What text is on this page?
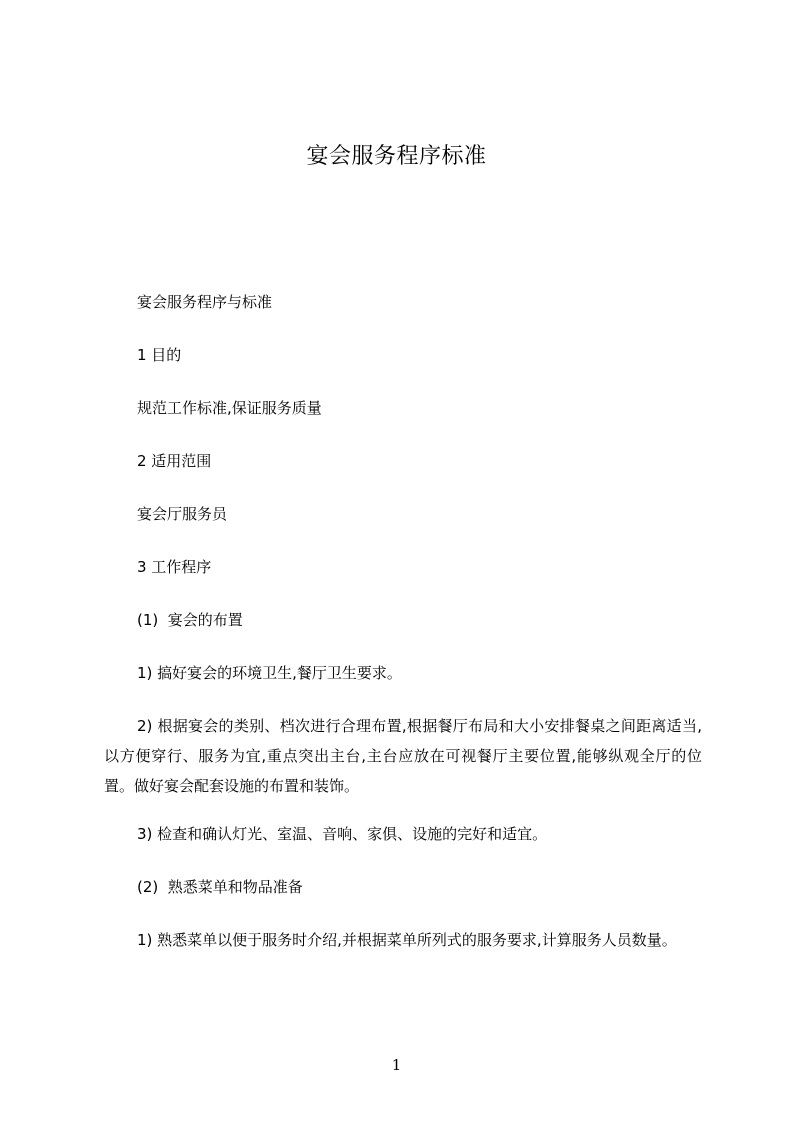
宴会服务程序标准
宴会服务程序与标准
1 目的
规范工作标准,保证服务质量
2 适用范围
宴会厅服务员
3 工作程序
(1)  宴会的布置
1) 搞好宴会的环境卫生,餐厅卫生要求。
2) 根据宴会的类别、档次进行合理布置,根据餐厅布局和大小安排餐桌之间距离适当,以方便穿行、服务为宜,重点突出主台,主台应放在可视餐厅主要位置,能够纵观全厅的位置。做好宴会配套设施的布置和装饰。
3) 检查和确认灯光、室温、音响、家俱、设施的完好和适宜。
(2)  熟悉菜单和物品准备
1) 熟悉菜单以便于服务时介绍,并根据菜单所列式的服务要求,计算服务人员数量。
1
